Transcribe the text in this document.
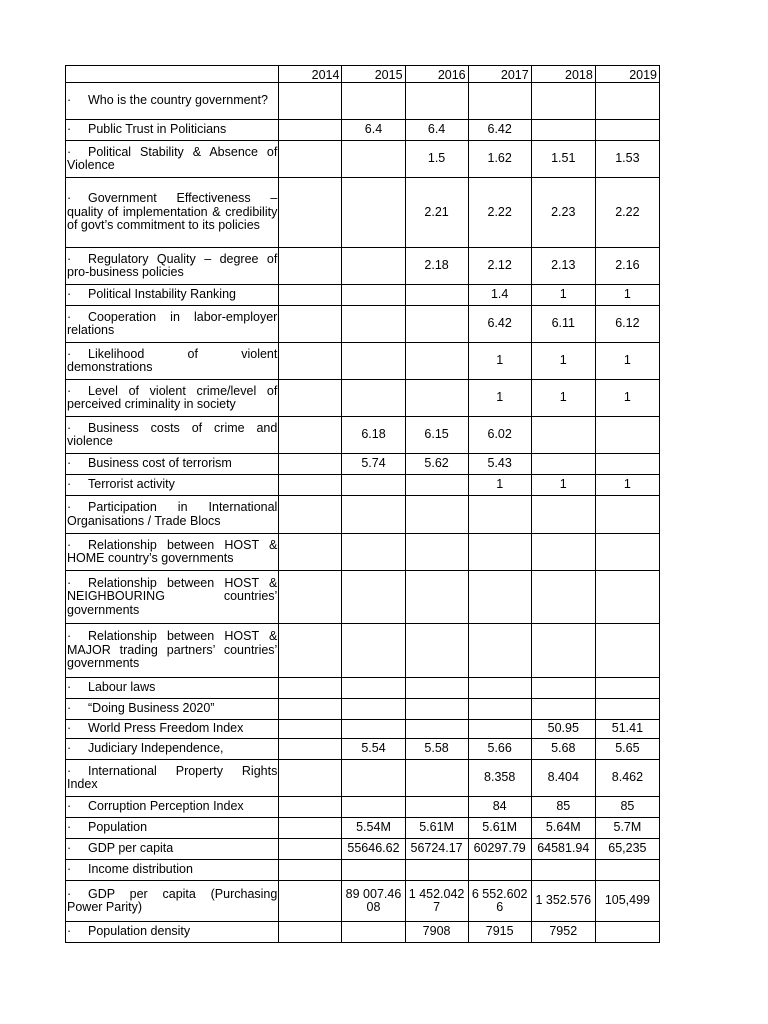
	2014	2015	2016	2017	2018	2019
· Who is the country government?						
· Public Trust in Politicians		6.4	6.4	6.42		
· Political Stability & Absence of Violence			1.5	1.62	1.51	1.53
· Government Effectiveness – quality of implementation & credibility of govt’s commitment to its policies			2.21	2.22	2.23	2.22
· Regulatory Quality – degree of pro-business policies			2.18	2.12	2.13	2.16
· Political Instability Ranking				1.4	1	1
· Cooperation in labor-employer relations				6.42	6.11	6.12
· Likelihood of violent demonstrations				1	1	1
· Level of violent crime/level of perceived criminality in society				1	1	1
· Business costs of crime and violence		6.18	6.15	6.02		
· Business cost of terrorism		5.74	5.62	5.43		
· Terrorist activity				1	1	1
· Participation in International Organisations / Trade Blocs						
· Relationship between HOST & HOME country’s governments						
· Relationship between HOST & NEIGHBOURING countries’ governments						
· Relationship between HOST & MAJOR trading partners’ countries’ governments						
· Labour laws						
· “Doing Business 2020”						
· World Press Freedom Index					50.95	51.41
· Judiciary Independence,		5.54	5.58	5.66	5.68	5.65
· International Property Rights Index				8.358	8.404	8.462
· Corruption Perception Index				84	85	85
· Population		5.54M	5.61M	5.61M	5.64M	5.7M
· GDP per capita		55646.62	56724.17	60297.79	64581.94	65,235
· Income distribution						
· GDP per capita (Purchasing Power Parity)		89 007.4608	1 452.0427	6 552.6026	1 352.576	105,499
· Population density			7908	7915	7952	
